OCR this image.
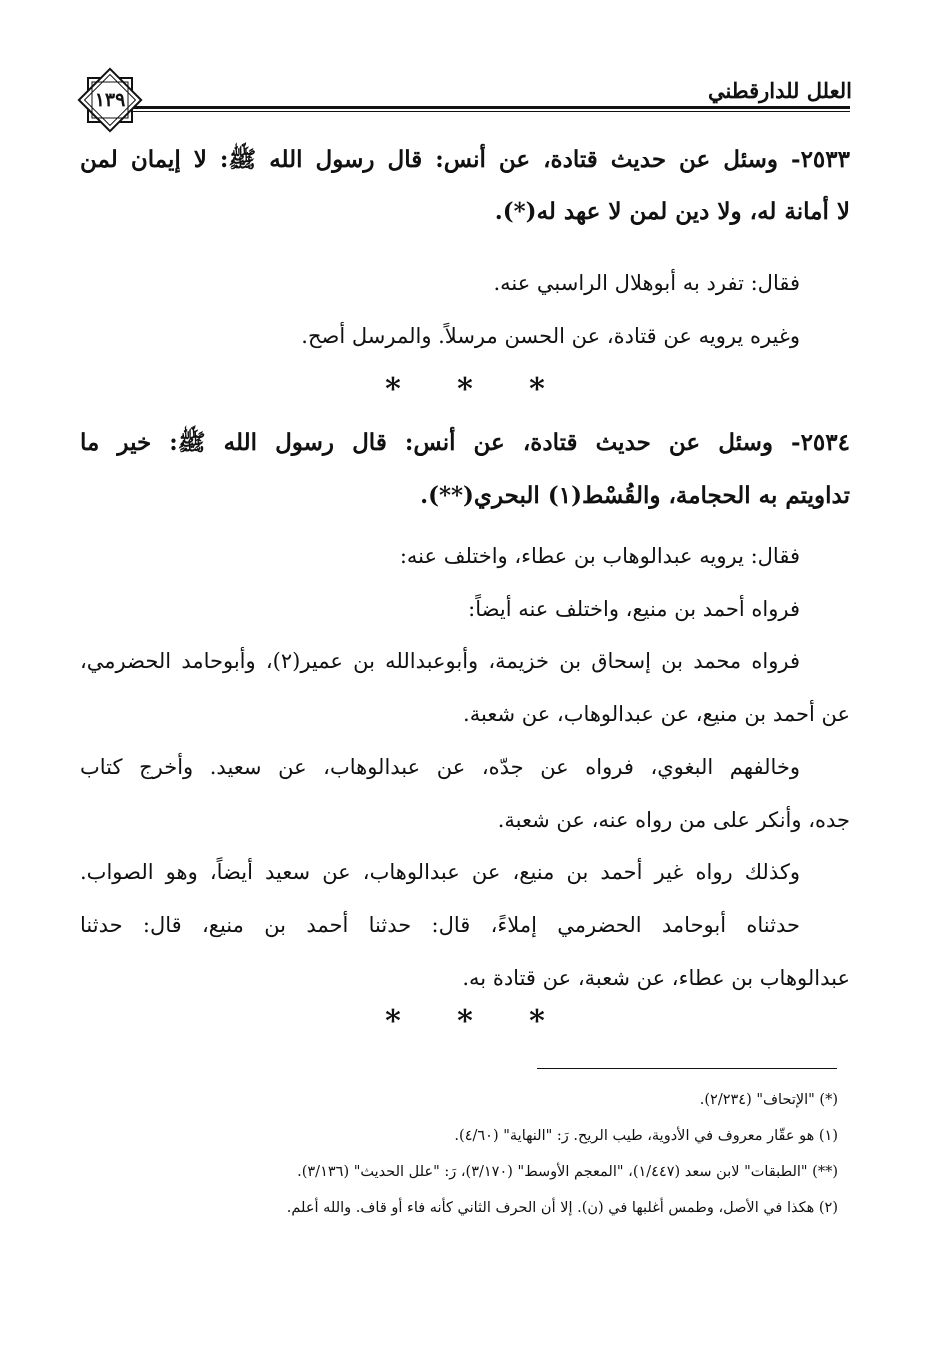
العلل للدارقطني
١٣٩
٢٥٣٣- وسئل عن حديث قتادة، عن أنس: قال رسول الله ﷺ: لا إيمان لمن
لا أمانة له، ولا دين لمن لا عهد له(*).
فقال: تفرد به أبوهلال الراسبي عنه.
وغيره يرويه عن قتادة، عن الحسن مرسلاً. والمرسل أصح.
* * *
٢٥٣٤- وسئل عن حديث قتادة، عن أنس: قال رسول الله ﷺ: خير ما
تداويتم به الحجامة، والقُسْط(١) البحري(**).
فقال: يرويه عبدالوهاب بن عطاء، واختلف عنه:
فرواه أحمد بن منيع، واختلف عنه أيضاً:
فرواه محمد بن إسحاق بن خزيمة، وأبوعبدالله بن عمير(٢)، وأبوحامد الحضرمي،
عن أحمد بن منيع، عن عبدالوهاب، عن شعبة.
وخالفهم البغوي، فرواه عن جدّه، عن عبدالوهاب، عن سعيد. وأخرج كتاب
جده، وأنكر على من رواه عنه، عن شعبة.
وكذلك رواه غير أحمد بن منيع، عن عبدالوهاب، عن سعيد أيضاً، وهو الصواب.
حدثناه أبوحامد الحضرمي إملاءً، قال: حدثنا أحمد بن منيع، قال: حدثنا
عبدالوهاب بن عطاء، عن شعبة، عن قتادة به.
* * *
(*) "الإتحاف" (٢/٢٣٤).
(١) هو عقّار معروف في الأدوية، طيب الريح. رَ: "النهاية" (٤/٦٠).
(**) "الطبقات" لابن سعد (١/٤٤٧)، "المعجم الأوسط" (٣/١٧٠)، رَ: "علل الحديث" (٣/١٣٦).
(٢) هكذا في الأصل، وطمس أغلبها في (ن). إلا أن الحرف الثاني كأنه فاء أو قاف. والله أعلم.
